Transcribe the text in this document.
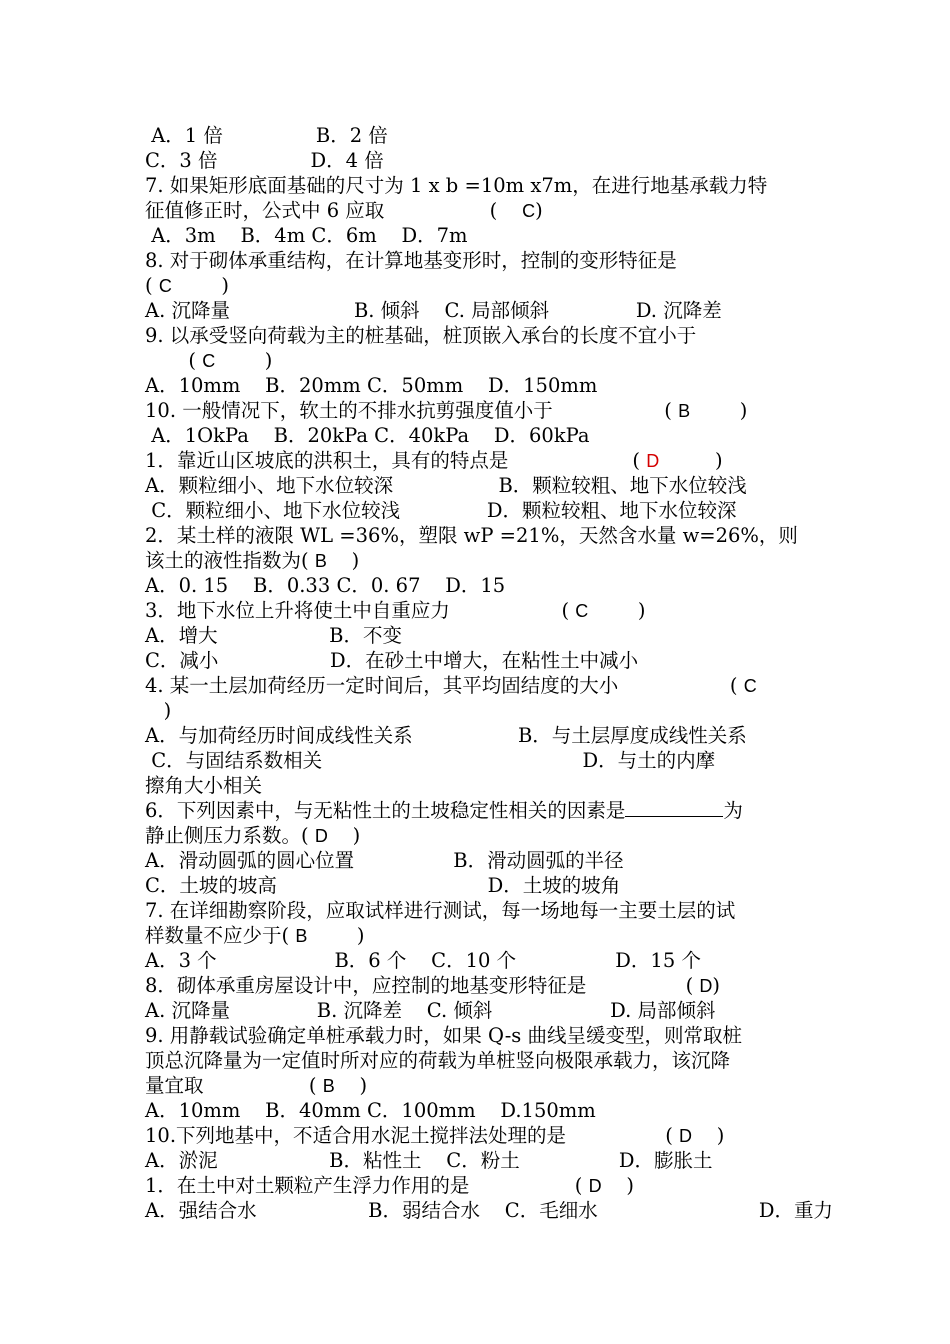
A．1 倍               B．2 倍
C．3 倍               D．4 倍
7. 如果矩形底面基础的尺寸为 1 x b =10m x7m，在进行地基承载力特
征值修正时，公式中 6 应取                 (    C)
A．3m    B．4m C．6m    D．7m
8. 对于砌体承重结构，在计算地基变形时，控制的变形特征是
( C        )
A. 沉降量                    B. 倾斜    C. 局部倾斜              D. 沉降差
9. 以承受竖向荷载为主的桩基础，桩顶嵌入承台的长度不宜小于
( C        )
A．10mm    B．20mm C．50mm    D．150mm
10. 一般情况下，软土的不排水抗剪强度值小于                  ( B        )
A．1OkPa    B．20kPa C．40kPa    D．60kPa
1．靠近山区坡底的洪积土，具有的特点是                    ( D         )
A．颗粒细小、地下水位较深                 B．颗粒较粗、地下水位较浅
C．颗粒细小、地下水位较浅              D．颗粒较粗、地下水位较深
2．某土样的液限 WL =36%，塑限 wP =21%，天然含水量 w=26%，则
该土的液性指数为( B    )
A．0. 15    B．0.33 C．0. 67    D．15
3．地下水位上升将使土中自重应力                  ( C        )
A．增大                  B．不变
C．减小                  D．在砂土中增大，在粘性土中减小
4. 某一土层加荷经历一定时间后，其平均固结度的大小                  ( C
)
A．与加荷经历时间成线性关系                 B．与土层厚度成线性关系
C．与固结系数相关                                          D．与土的内摩
擦角大小相关
6．下列因素中，与无粘性土的土坡稳定性相关的因素是	为
静止侧压力系数。( D    )
A．滑动圆弧的圆心位置                B．滑动圆弧的半径
C．土坡的坡高                                  D．土坡的坡角
7. 在详细勘察阶段，应取试样进行测试，每一场地每一主要土层的试
样数量不应少于( B        )
A．3 个                   B．6 个    C．10 个                D．15 个
8．砌体承重房屋设计中，应控制的地基变形特征是                ( D)
A. 沉降量              B. 沉降差    C. 倾斜                   D. 局部倾斜
9. 用静载试验确定单桩承载力时，如果 Q-s 曲线呈缓变型，则常取桩
顶总沉降量为一定值时所对应的荷载为单桩竖向极限承载力，该沉降
量宜取                 ( B    )
A．10mm    B．40mm C．100mm    D.150mm
10.下列地基中，不适合用水泥土搅拌法处理的是                ( D    )
A．淤泥                  B．粘性土    C．粉土                D．膨胀土
1．在土中对土颗粒产生浮力作用的是                 ( D    )
A．强结合水                  B．弱结合水    C．毛细水                          D．重力
